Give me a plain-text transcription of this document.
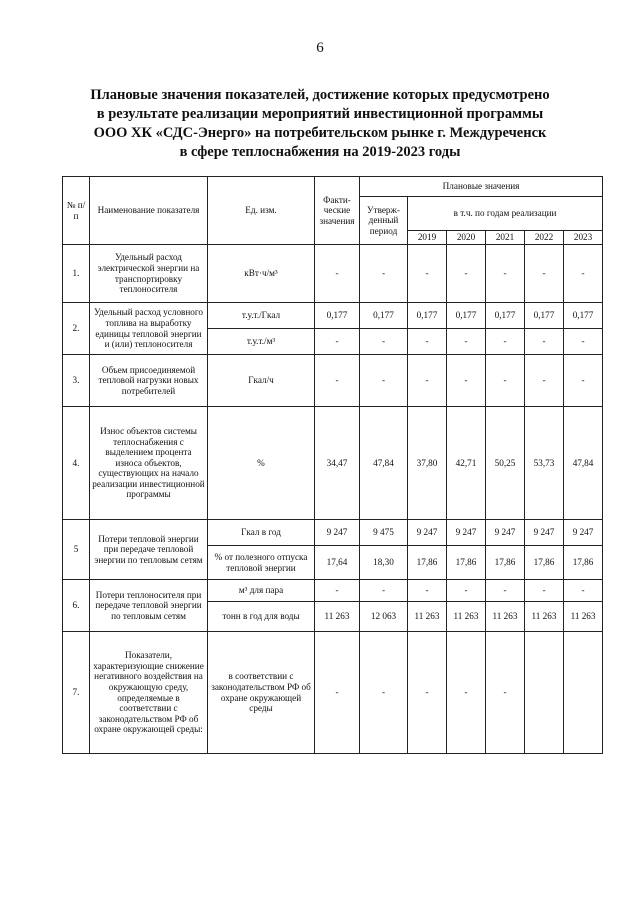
6
Плановые значения показателей, достижение которых предусмотрено
в результате реализации мероприятий инвестиционной программы
ООО ХК «СДС-Энерго» на потребительском рынке г. Междуреченск
в сфере теплоснабжения на 2019-2023 годы
№ п/п	Наименование показателя	Ед. изм.	Факти-ческие значения	Плановые значения					
				Утверж-денный период	в т.ч. по годам реализации				
					2019	2020	2021	2022	2023
1.	Удельный расход электрической энергии на транспортировку теплоносителя	кВт·ч/м³	-	-	-	-	-	-	-
2.	Удельный расход условного топлива на выработку единицы тепловой энергии и (или) теплоносителя	т.у.т./Гкал	0,177	0,177	0,177	0,177	0,177	0,177	0,177
		т.у.т./м³	-	-	-	-	-	-	-
3.	Объем присоединяемой тепловой нагрузки новых потребителей	Гкал/ч	-	-	-	-	-	-	-
4.	Износ объектов системы теплоснабжения с выделением процента износа объектов, существующих на начало реализации инвестиционной программы	%	34,47	47,84	37,80	42,71	50,25	53,73	47,84
5	Потери тепловой энергии при передаче тепловой энергии по тепловым сетям	Гкал в год	9 247	9 475	9 247	9 247	9 247	9 247	9 247
		% от полезного отпуска тепловой энергии	17,64	18,30	17,86	17,86	17,86	17,86	17,86
6.	Потери теплоносителя при передаче тепловой энергии по тепловым сетям	м³ для пара	-	-	-	-	-	-	-
		тонн в год для воды	11 263	12 063	11 263	11 263	11 263	11 263	11 263
7.	Показатели, характеризующие снижение негативного воздействия на окружающую среду, определяемые в соответствии с законодательством РФ об охране окружающей среды:	в соответствии с законодательством РФ об охране окружающей среды	-	-	-	-	-		
